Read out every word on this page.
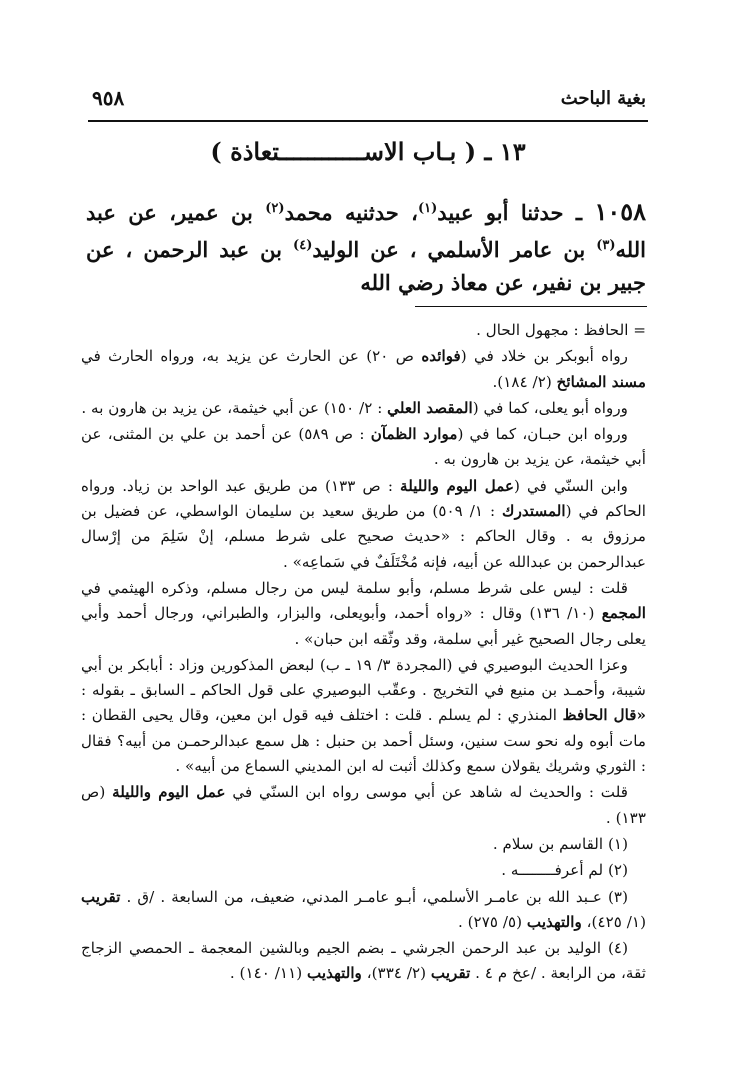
بغية الباحث
٩٥٨
١٣ ـ ( بـاب الاســــــــــــتعاذة )
١٠٥٨ ـ حدثنا أبو عبيد$^{(١)}$، حدثنيه محمد$^{(٢)}$ بن عمير، عن عبد الله$^{(٣)}$ بن عامر الأسلمي ، عن الوليد$^{(٤)}$ بن عبد الرحمن ، عن جبير بن نفير، عن معاذ رضي الله

= الحافظ : مجهول الحال .

رواه أبوبكر بن خلاد في (فوائده ص ٢٠) عن الحارث عن يزيد به، ورواه الحارث في مسند المشائخ (٢/ ١٨٤).

ورواه أبو يعلى، كما في (المقصد العلي : ٢/ ١٥٠) عن أبي خيثمة، عن يزيد بن هارون به .

ورواه ابن حبـان، كما في (موارد الظمآن : ص ٥٨٩) عن أحمد بن علي بن المثنى، عن أبي خيثمة، عن يزيد بن هارون به .

وابن السنّي في (عمل اليوم والليلة : ص ١٣٣) من طريق عبد الواحد بن زياد. ورواه الحاكم في (المستدرك : ١/ ٥٠٩) من طريق سعيد بن سليمان الواسطي، عن فضيل بن مرزوق به . وقال الحاكم : «حديث صحيح على شرط مسلم، إنْ سَلِمَ من إرْسال عبدالرحمن بن عبدالله عن أبيه، فإنه مُخْتَلَفٌ في سَماعِه» .

قلت : ليس على شرط مسلم، وأبو سلمة ليس من رجال مسلم، وذكره الهيثمي في المجمع (١٠/ ١٣٦) وقال : «رواه أحمد، وأبويعلى، والبزار، والطبراني، ورجال أحمد وأبي يعلى رجال الصحيح غير أبي سلمة، وقد وثّقه ابن حبان» .

وعزا الحديث البوصيري في (المجردة ٣/ ١٩ ـ ب) لبعض المذكورين وزاد : أبابكر بن أبي شيبة، وأحمـد بن منيع في التخريج . وعقّب البوصيري على قول الحاكم ـ السابق ـ بقوله : «قال الحافظ المنذري : لم يسلم . قلت : اختلف فيه قول ابن معين، وقال يحيى القطان : مات أبوه وله نحو ست سنين، وسئل أحمد بن حنبل : هل سمع عبدالرحمـن من أبيه؟ فقال : الثوري وشريك يقولان سمع وكذلك أثبت له ابن المديني السماع من أبيه» .

قلت : والحديث له شاهد عن أبي موسى رواه ابن السنّي في عمل اليوم والليلة (ص ١٣٣) .

(١) القاسم بن سلام .

(٢) لم أعرفــــــــه .

(٣) عـبد الله بن عامـر الأسلمي، أبـو عامـر المدني، ضعيف، من السابعة . /ق . تقريب (١/ ٤٢٥)، والتهذيب (٥/ ٢٧٥) .

(٤) الوليد بن عبد الرحمن الجرشي ـ بضم الجيم وبالشين المعجمة ـ الحمصي الزجاج ثقة، من الرابعة . /عخ م ٤ . تقريب (٢/ ٣٣٤)، والتهذيب (١١/ ١٤٠) .
